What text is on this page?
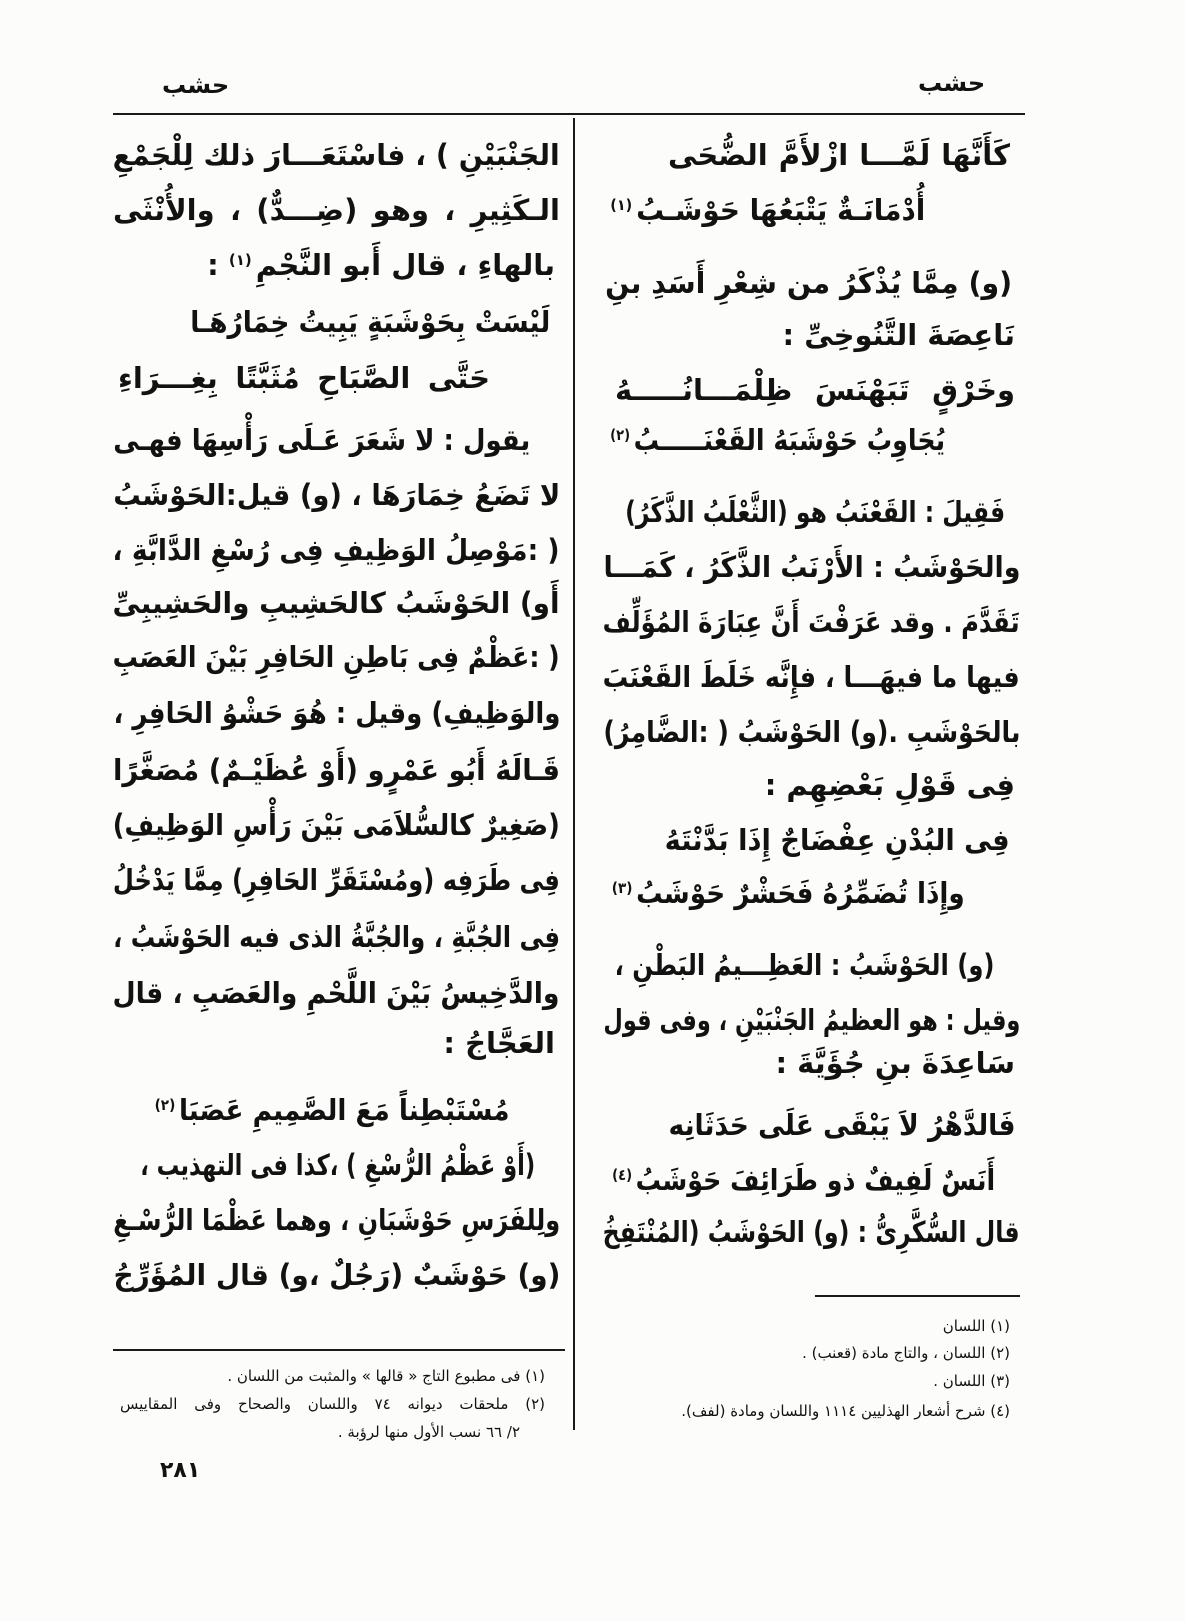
حشب	حشب
كَأَنَّهَا لَمَّـــا ازْلأَمَّ الضُّحَى
أُدْمَانَـةٌ يَتْبَعُهَا حَوْشَـبُ$^{(١)}$
(و) مِمَّا يُذْكَرُ من شِعْرِ أَسَدِ بنِ
نَاعِصَةَ التَّنُوخِىِّ :
وخَرْقٍ تَبَهْنَسَ ظِلْمَـــانُـــــهُ
يُجَاوِبُ حَوْشَبَهُ القَعْنَـــــبُ$^{(٢)}$
فَقِيلَ : القَعْنَبُ هو (الثَّعْلَبُ الذَّكَرُ)
والحَوْشَبُ : الأَرْنَبُ الذَّكَرُ ، كَمَـــا
تَقَدَّمَ . وقد عَرَفْتَ أَنَّ عِبَارَةَ المُؤَلِّف
فيها ما فيهَـــا ، فإِنَّه خَلَطَ القَعْنَبَ
بالحَوْشَبِ .(و) الحَوْشَبُ ( :الضَّامِرُ)
فِى قَوْلِ بَعْضِهِم :
فِى البُدْنِ عِفْضَاجٌ إِذَا بَدَّنْتَهُ
وإِذَا تُضَمِّرُهُ فَحَشْرٌ حَوْشَبُ$^{(٣)}$
(و) الحَوْشَبُ : العَظِـــيمُ البَطْنِ ،
وقيل : هو العظيمُ الجَنْبَيْنِ ، وفى قول
سَاعِدَةَ بنِ جُؤَيَّةَ :
فَالدَّهْرُ لاَ يَبْقَى عَلَى حَدَثَانِه
أَنَسٌ لَفِيفٌ ذو طَرَائِفَ حَوْشَبُ$^{(٤)}$
قال السُّكَّرِىُّ : (و) الحَوْشَبُ (المُنْتَفِخُ
(١) اللسان
(٢) اللسان ، والتاج مادة (قعنب) .
(٣) اللسان .
(٤) شرح أشعار الهذليين ١١١٤ واللسان ومادة (لفف).
الجَنْبَيْنِ ) ، فاسْتَعَـــارَ ذلك لِلْجَمْعِ
الـكَثِيرِ ، وهو (ضِـــدٌّ) ، والأُنْثَى
بالهاءِ ، قال أَبو النَّجْمِ$^{(١)}$ :
لَيْسَتْ بِحَوْشَبَةٍ يَبِيتُ خِمَارُهَـا
حَتَّى الصَّبَاحِ مُثَبَّتًا بِغِـــرَاءِ
يقول : لا شَعَرَ عَـلَى رَأْسِهَا فهـى
لا تَضَعُ خِمَارَهَا ، (و) قيل:الحَوْشَبُ
( :مَوْصِلُ الوَظِيفِ فِى رُسْغِ الدَّابَّةِ ،
أَو) الحَوْشَبُ كالحَشِيبِ والحَشِيبِىِّ
( :عَظْمٌ فِى بَاطِنِ الحَافِرِ بَيْنَ العَصَبِ
والوَظِيفِ) وقيل : هُوَ حَشْوُ الحَافِرِ ،
قَـالَهُ أَبُو عَمْرٍو (أَوْ عُظَيْـمٌ) مُصَغَّرًا
(صَغِيرٌ كالسُّلاَمَى بَيْنَ رَأْسِ الوَظِيفِ)
فِى طَرَفِه (ومُسْتَقَرِّ الحَافِرِ) مِمَّا يَدْخُلُ
فِى الجُبَّةِ ، والجُبَّةُ الذى فيه الحَوْشَبُ ،
والدَّخِيسُ بَيْنَ اللَّحْمِ والعَصَبِ ، قال
العَجَّاجُ :
مُسْتَبْطِناً مَعَ الصَّمِيمِ عَصَبَا$^{(٢)}$
(أَوْ عَظْمُ الرُّسْغِ ) ،كذا فى التهذيب ،
ولِلفَرَسِ حَوْشَبَانِ ، وهما عَظْمَا الرُّسْـغِ
(و) حَوْشَبٌ (رَجُلٌ ،و) قال المُؤَرِّجُ
(١) فى مطبوع التاج « قالها » والمثبت من اللسان .
(٢) ملحقات ديوانه ٧٤ واللسان والصحاح وفى المقاييس
٢/ ٦٦ نسب الأول منها لرؤبة .
٢٨١
